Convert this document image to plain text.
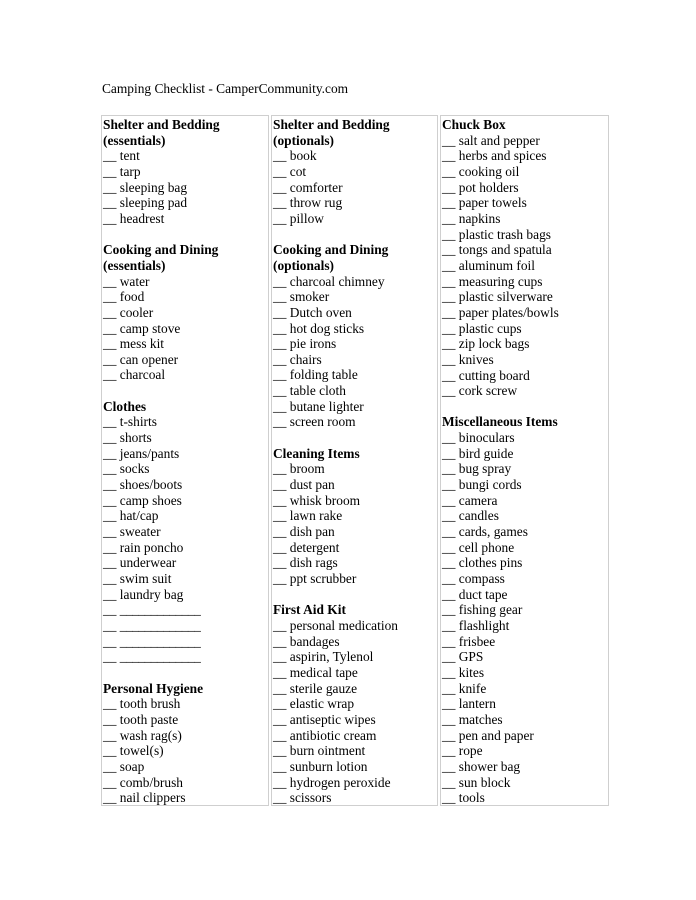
Camping Checklist - CamperCommunity.com
Shelter and Bedding
(essentials)
__ tent
__ tarp
__ sleeping bag
__ sleeping pad
__ headrest
Cooking and Dining
(essentials)
__ water
__ food
__ cooler
__ camp stove
__ mess kit
__ can opener
__ charcoal
Clothes
__ t-shirts
__ shorts
__ jeans/pants
__ socks
__ shoes/boots
__ camp shoes
__ hat/cap
__ sweater
__ rain poncho
__ underwear
__ swim suit
__ laundry bag
__ _____________
__ _____________
__ _____________
__ _____________
Personal Hygiene
__ tooth brush
__ tooth paste
__ wash rag(s)
__ towel(s)
__ soap
__ comb/brush
__ nail clippers
Shelter and Bedding
(optionals)
__ book
__ cot
__ comforter
__ throw rug
__ pillow
Cooking and Dining
(optionals)
__ charcoal chimney
__ smoker
__ Dutch oven
__ hot dog sticks
__ pie irons
__ chairs
__ folding table
__ table cloth
__ butane lighter
__ screen room
Cleaning Items
__ broom
__ dust pan
__ whisk broom
__ lawn rake
__ dish pan
__ detergent
__ dish rags
__ ppt scrubber
First Aid Kit
__ personal medication
__ bandages
__ aspirin, Tylenol
__ medical tape
__ sterile gauze
__ elastic wrap
__ antiseptic wipes
__ antibiotic cream
__ burn ointment
__ sunburn lotion
__ hydrogen peroxide
__ scissors
Chuck Box
__ salt and pepper
__ herbs and spices
__ cooking oil
__ pot holders
__ paper towels
__ napkins
__ plastic trash bags
__ tongs and spatula
__ aluminum foil
__ measuring cups
__ plastic silverware
__ paper plates/bowls
__ plastic cups
__ zip lock bags
__ knives
__ cutting board
__ cork screw
Miscellaneous Items
__ binoculars
__ bird guide
__ bug spray
__ bungi cords
__ camera
__ candles
__ cards, games
__ cell phone
__ clothes pins
__ compass
__ duct tape
__ fishing gear
__ flashlight
__ frisbee
__ GPS
__ kites
__ knife
__ lantern
__ matches
__ pen and paper
__ rope
__ shower bag
__ sun block
__ tools
